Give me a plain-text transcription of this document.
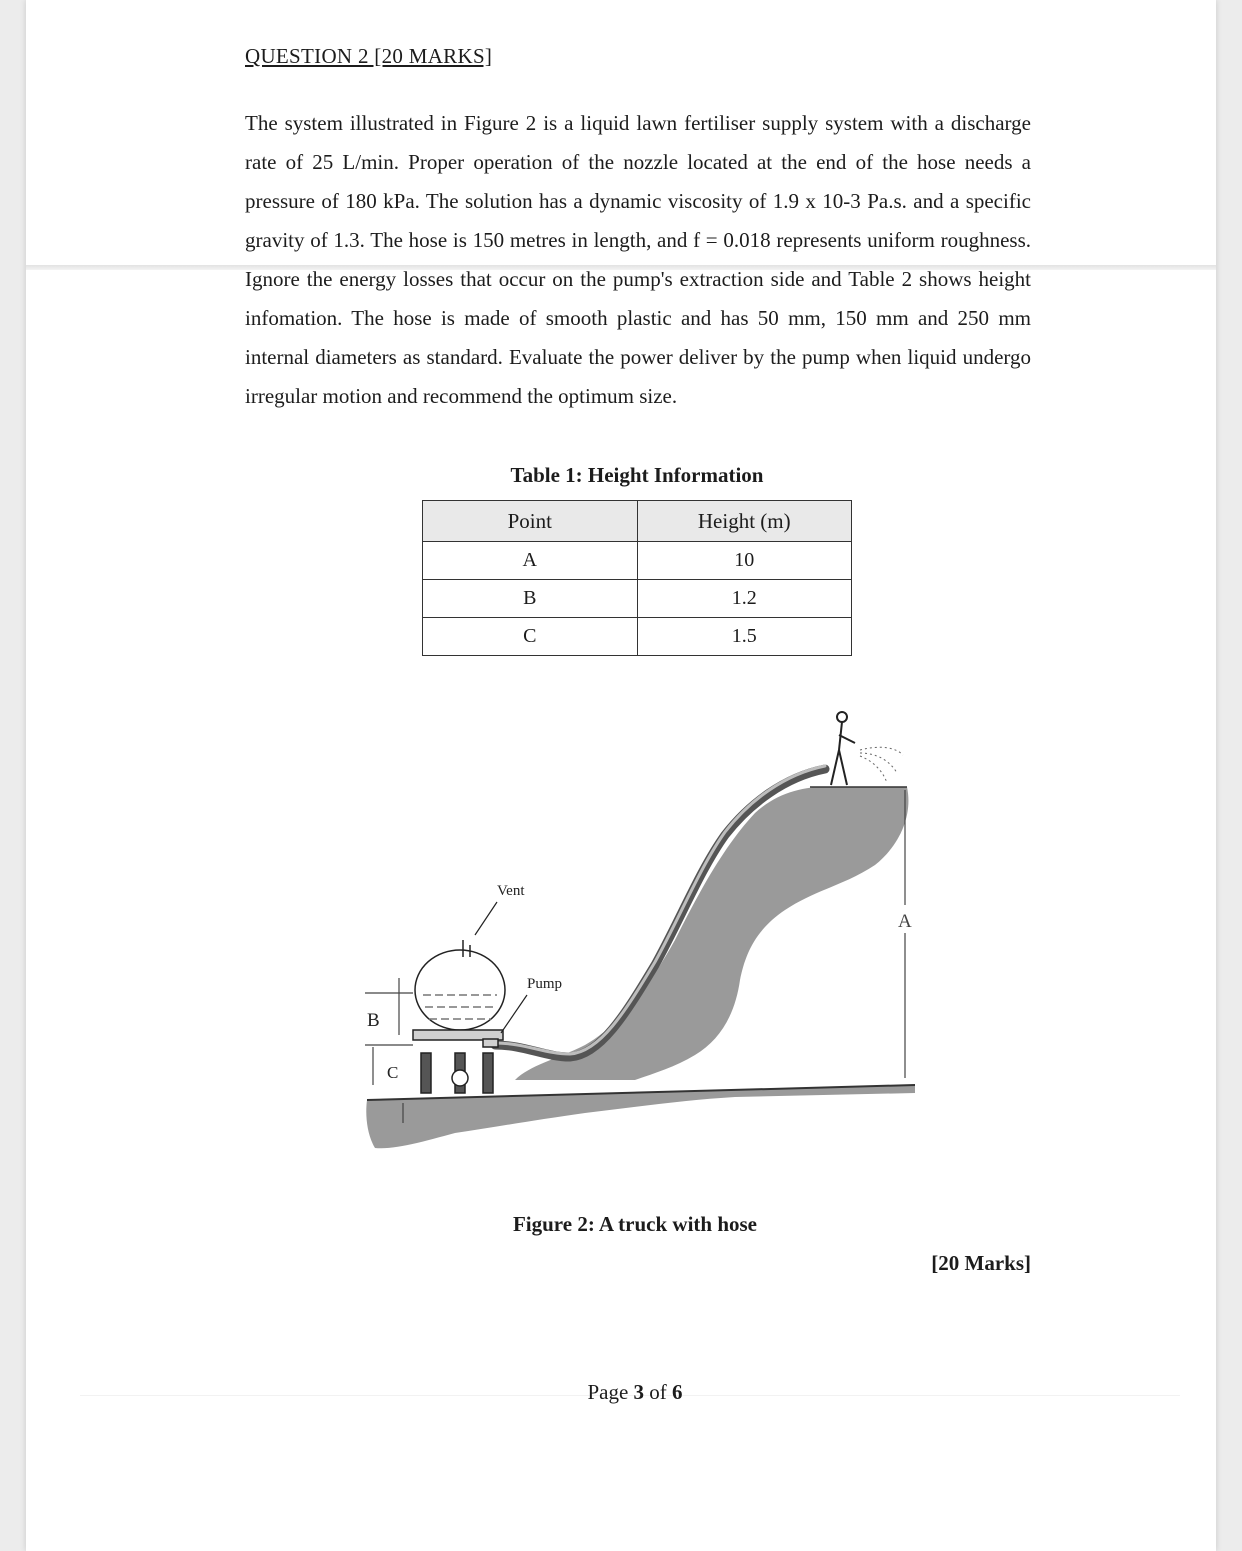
QUESTION 2 [20 MARKS]

The system illustrated in Figure 2 is a liquid lawn fertiliser supply system with a discharge rate of 25 L/min. Proper operation of the nozzle located at the end of the hose needs a pressure of 180 kPa. The solution has a dynamic viscosity of 1.9 x 10-3 Pa.s. and a specific gravity of 1.3. The hose is 150 metres in length, and f = 0.018 represents uniform roughness. Ignore the energy losses that occur on the pump's extraction side and Table 2 shows height infomation. The hose is made of smooth plastic and has 50 mm, 150 mm and 250 mm internal diameters as standard. Evaluate the power deliver by the pump when liquid undergo irregular motion and recommend the optimum size.

Table 1: Height Information
Point	Height (m)
A	10
B	1.2
C	1.5
Vent
Pump
A
B
C
Figure 2: A truck with hose
[20 Marks]
Page 3 of 6
